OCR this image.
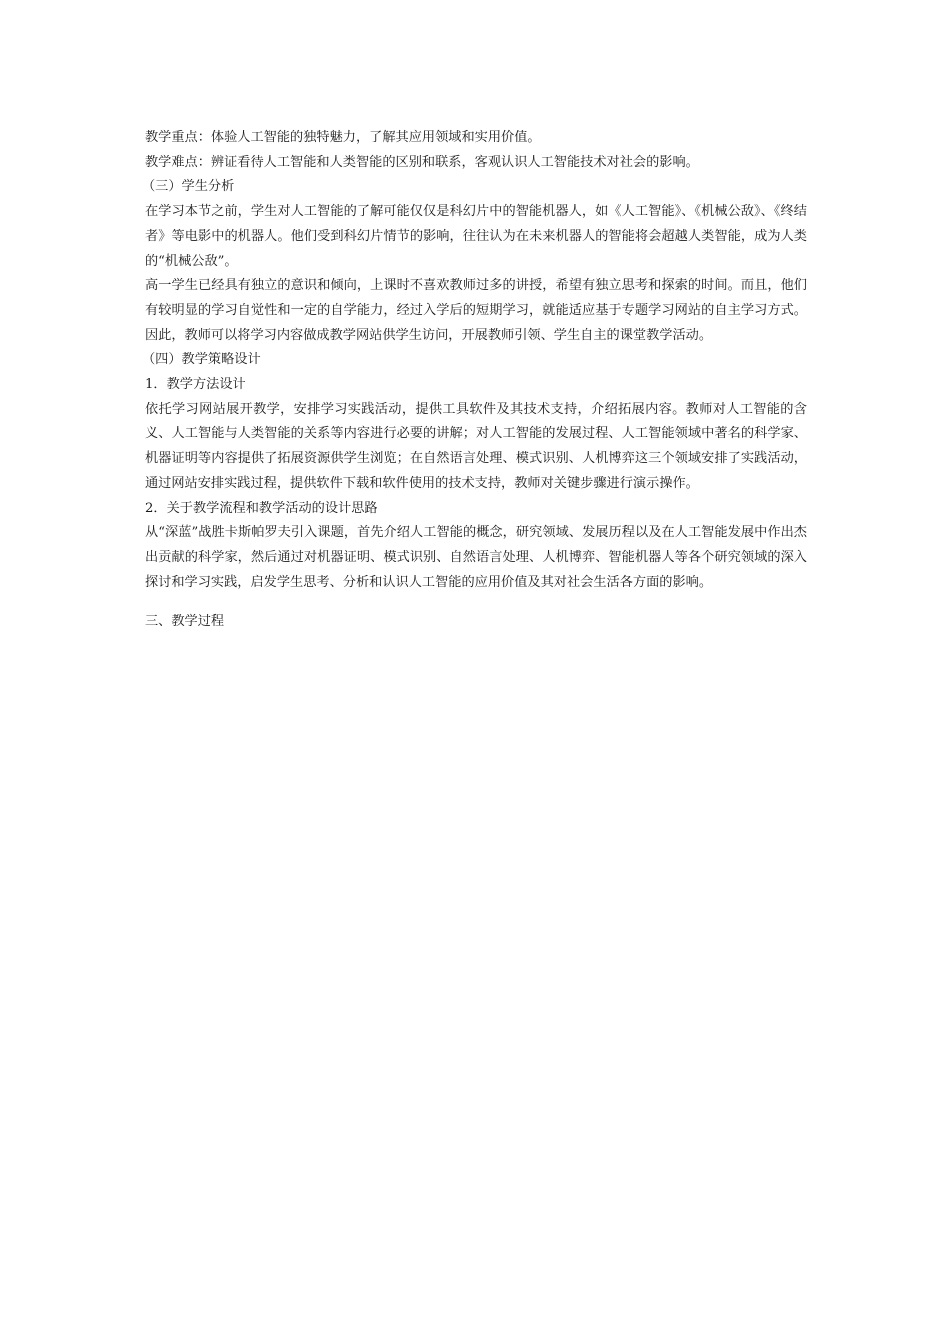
教学重点：体验人工智能的独特魅力，了解其应用领域和实用价值。

教学难点：辨证看待人工智能和人类智能的区别和联系，客观认识人工智能技术对社会的影响。

（三）学生分析

在学习本节之前，学生对人工智能的了解可能仅仅是科幻片中的智能机器人，如《人工智能》、《机械公敌》、《终结者》等电影中的机器人。他们受到科幻片情节的影响，往往认为在未来机器人的智能将会超越人类智能，成为人类的“机械公敌”。

高一学生已经具有独立的意识和倾向，上课时不喜欢教师过多的讲授，希望有独立思考和探索的时间。而且，他们有较明显的学习自觉性和一定的自学能力，经过入学后的短期学习，就能适应基于专题学习网站的自主学习方式。因此，教师可以将学习内容做成教学网站供学生访问，开展教师引领、学生自主的课堂教学活动。

（四）教学策略设计

1．教学方法设计

依托学习网站展开教学，安排学习实践活动，提供工具软件及其技术支持，介绍拓展内容。教师对人工智能的含义、人工智能与人类智能的关系等内容进行必要的讲解；对人工智能的发展过程、人工智能领域中著名的科学家、机器证明等内容提供了拓展资源供学生浏览；在自然语言处理、模式识别、人机博弈这三个领域安排了实践活动，通过网站安排实践过程，提供软件下载和软件使用的技术支持，教师对关键步骤进行演示操作。

2．关于教学流程和教学活动的设计思路

从“深蓝”战胜卡斯帕罗夫引入课题，首先介绍人工智能的概念，研究领域、发展历程以及在人工智能发展中作出杰出贡献的科学家，然后通过对机器证明、模式识别、自然语言处理、人机博弈、智能机器人等各个研究领域的深入探讨和学习实践，启发学生思考、分析和认识人工智能的应用价值及其对社会生活各方面的影响。

三、教学过程
